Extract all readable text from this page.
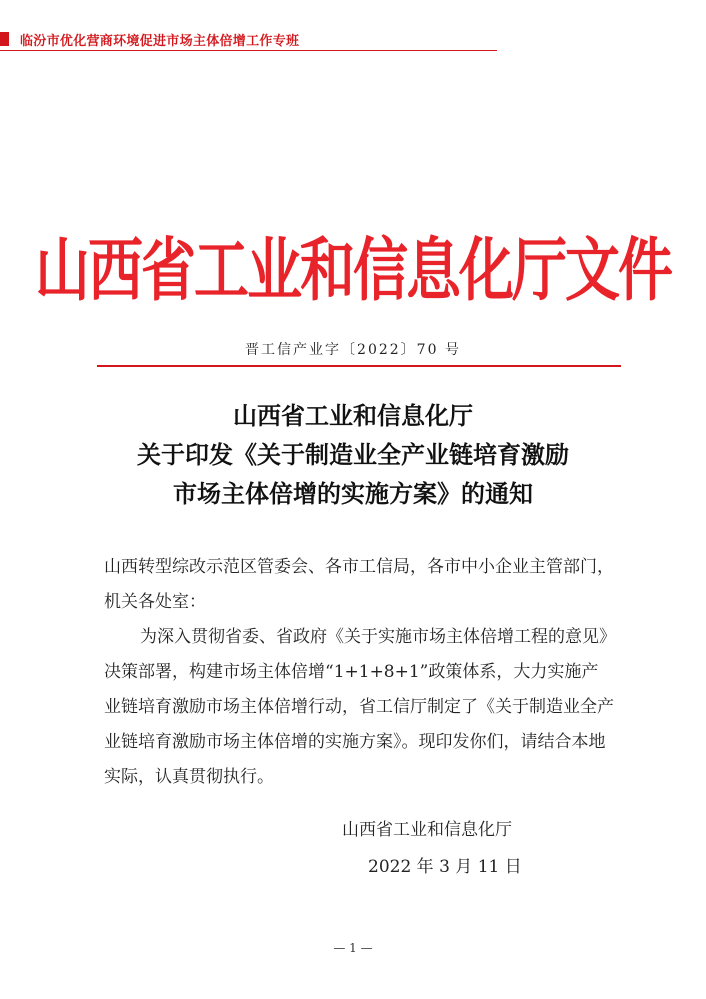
临汾市优化营商环境促进市场主体倍增工作专班
山西省工业和信息化厅文件
晋工信产业字〔2022〕70 号
山西省工业和信息化厅
关于印发《关于制造业全产业链培育激励
市场主体倍增的实施方案》的通知

山西转型综改示范区管委会、各市工信局，各市中小企业主管部门，机关各处室：

为深入贯彻省委、省政府《关于实施市场主体倍增工程的意见》决策部署，构建市场主体倍增“1+1+8+1”政策体系，大力实施产业链培育激励市场主体倍增行动，省工信厅制定了《关于制造业全产业链培育激励市场主体倍增的实施方案》。现印发你们，请结合本地实际，认真贯彻执行。

山西省工业和信息化厅
2022 年 3 月 11 日
— 1 —
